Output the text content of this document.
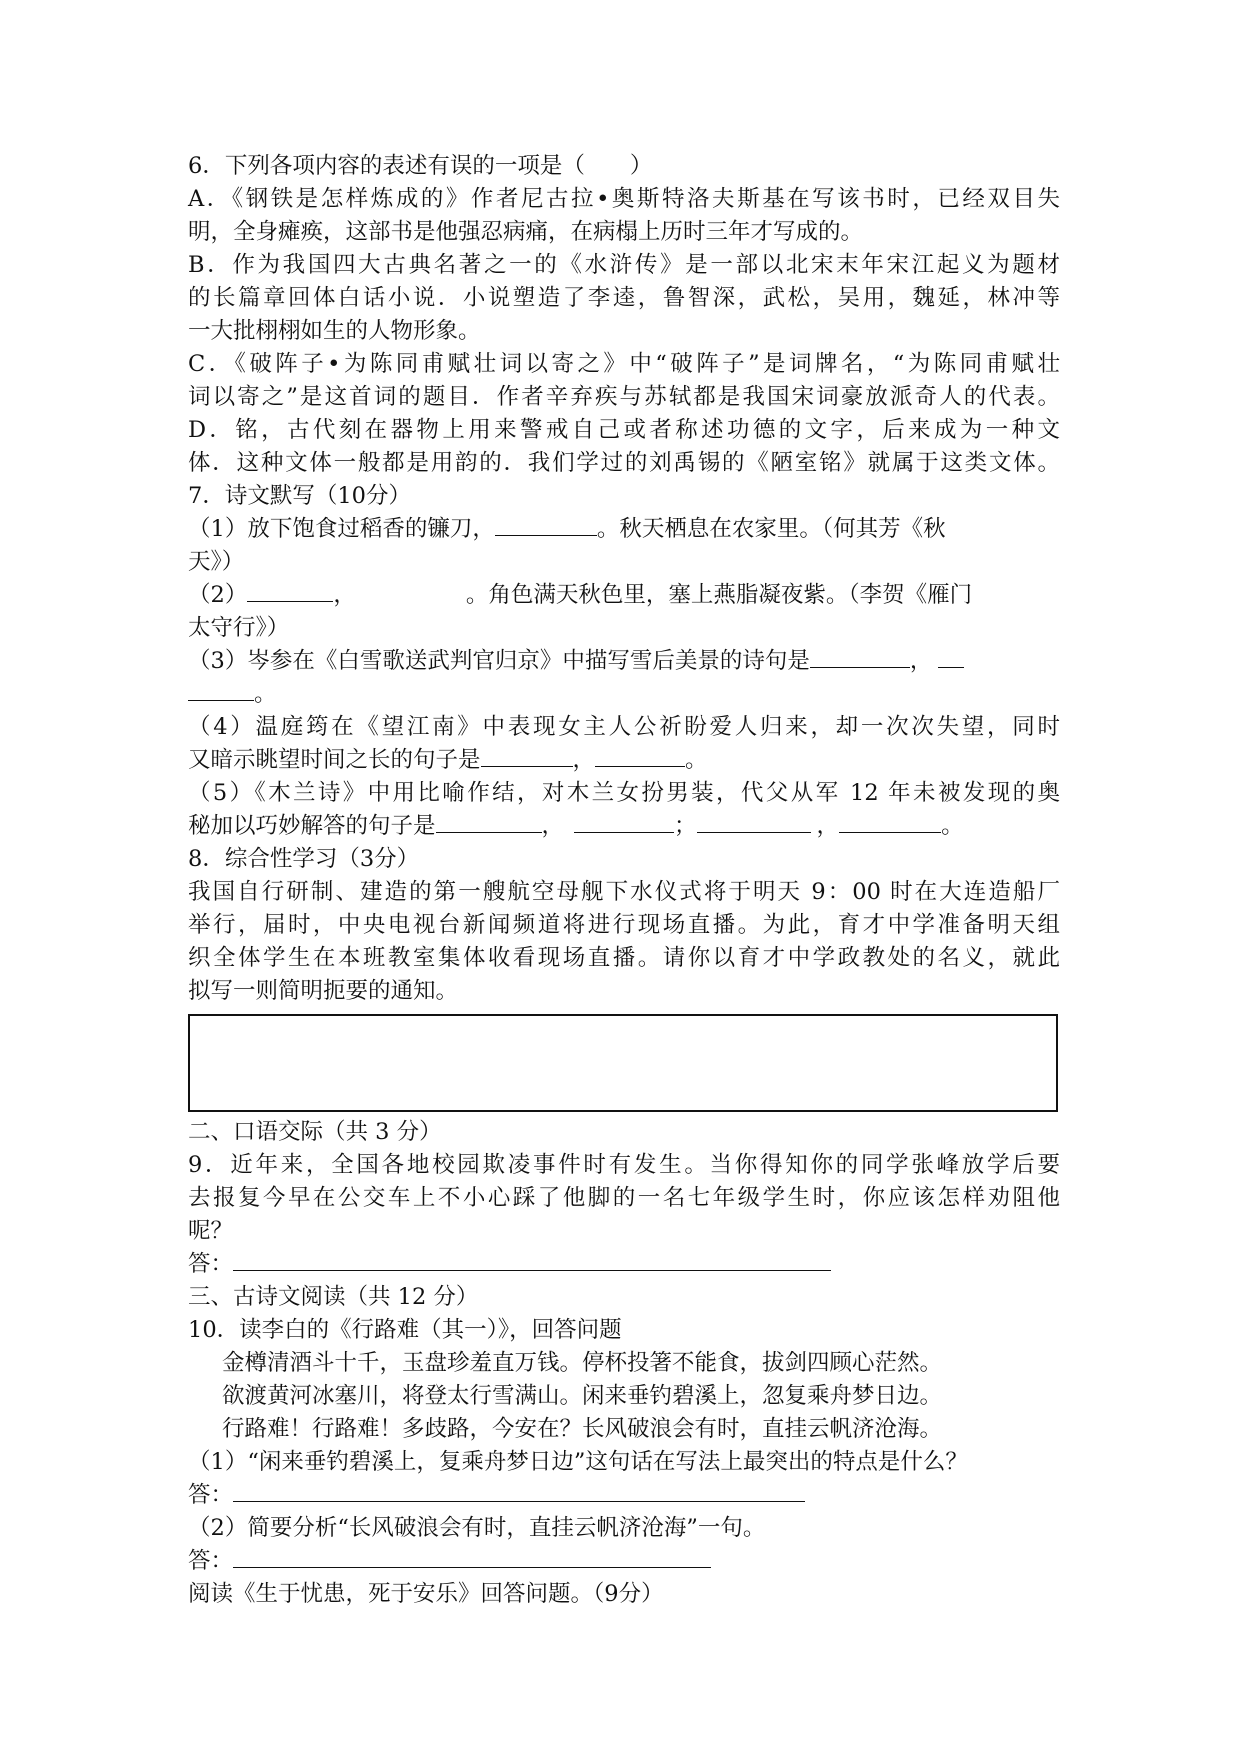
6．下列各项内容的表述有误的一项是（　　）
A．《钢铁是怎样炼成的》作者尼古拉•奥斯特洛夫斯基在写该书时，已经双目失
明，全身瘫痪，这部书是他强忍病痛，在病榻上历时三年才写成的。
B．作为我国四大古典名著之一的《水浒传》是一部以北宋末年宋江起义为题材
的长篇章回体白话小说．小说塑造了李逵，鲁智深，武松，吴用，魏延，林冲等
一大批栩栩如生的人物形象。
C．《破阵子•为陈同甫赋壮词以寄之》中“破阵子”是词牌名，“为陈同甫赋壮
词以寄之”是这首词的题目．作者辛弃疾与苏轼都是我国宋词豪放派奇人的代表。
D．铭，古代刻在器物上用来警戒自己或者称述功德的文字，后来成为一种文
体．这种文体一般都是用韵的．我们学过的刘禹锡的《陋室铭》就属于这类文体。
7．诗文默写（10分）
（1）放下饱食过稻香的镰刀，	。秋天栖息在农家里。（何其芳《秋
天》）
（2）	，	。角色满天秋色里，塞上燕脂凝夜紫。（李贺《雁门
太守行》）
（3）岑参在《白雪歌送武判官归京》中描写雪后美景的诗句是	，
。
（4）温庭筠在《望江南》中表现女主人公祈盼爱人归来，却一次次失望，同时
又暗示眺望时间之长的句子是	，	。
（5）《木兰诗》中用比喻作结，对木兰女扮男装，代父从军 12 年未被发现的奥
秘加以巧妙解答的句子是	，	；	，	。
8．综合性学习（3分）
我国自行研制、建造的第一艘航空母舰下水仪式将于明天 9：00 时在大连造船厂
举行，届时，中央电视台新闻频道将进行现场直播。为此，育才中学准备明天组
织全体学生在本班教室集体收看现场直播。请你以育才中学政教处的名义，就此
拟写一则简明扼要的通知。
二、口语交际（共 3 分）
9．近年来，全国各地校园欺凌事件时有发生。当你得知你的同学张峰放学后要
去报复今早在公交车上不小心踩了他脚的一名七年级学生时，你应该怎样劝阻他
呢？
答：
三、古诗文阅读（共 12 分）
10．读李白的《行路难（其一）》，回答问题
金樽清酒斗十千，玉盘珍羞直万钱。停杯投箸不能食，拔剑四顾心茫然。
欲渡黄河冰塞川，将登太行雪满山。闲来垂钓碧溪上，忽复乘舟梦日边。
行路难！行路难！多歧路，今安在？长风破浪会有时，直挂云帆济沧海。
（1）“闲来垂钓碧溪上，复乘舟梦日边”这句话在写法上最突出的特点是什么？
答：
（2）简要分析“长风破浪会有时，直挂云帆济沧海”一句。
答：
阅读《生于忧患，死于安乐》回答问题。（9分）
